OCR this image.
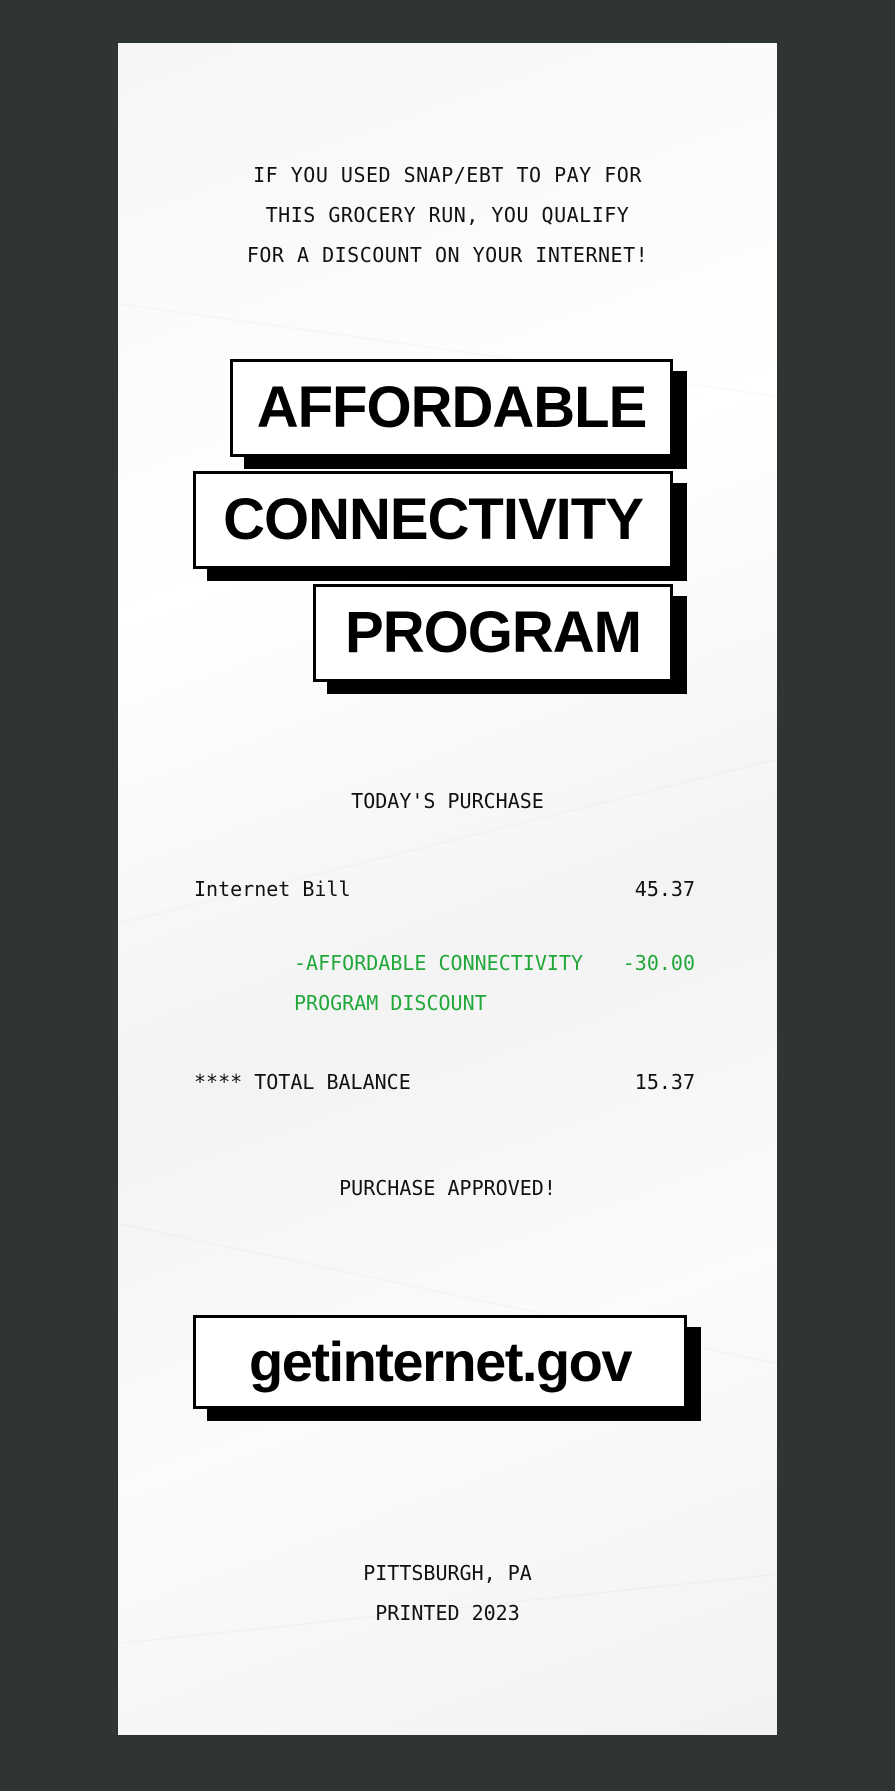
IF YOU USED SNAP/EBT TO PAY FOR
THIS GROCERY RUN, YOU QUALIFY
FOR A DISCOUNT ON YOUR INTERNET!
AFFORDABLE
CONNECTIVITY
PROGRAM
TODAY'S PURCHASE
Internet Bill	45.37
-AFFORDABLE CONNECTIVITY
PROGRAM DISCOUNT
-30.00
**** TOTAL BALANCE	15.37
PURCHASE APPROVED!
getinternet.gov
PITTSBURGH, PA
PRINTED 2023
